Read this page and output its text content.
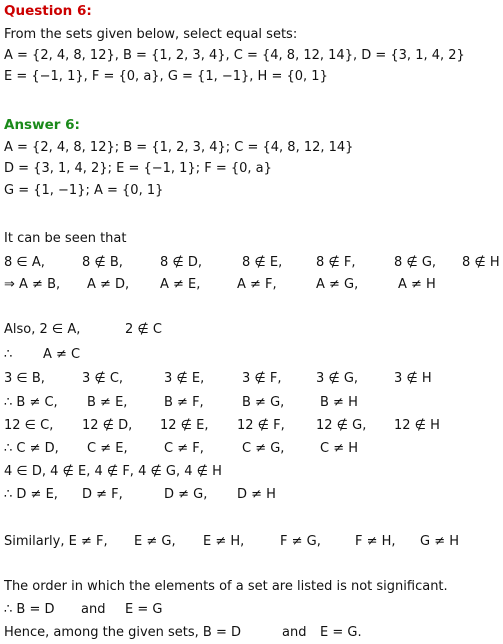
Question 6:
From the sets given below, select equal sets:
A = {2, 4, 8, 12}, B = {1, 2, 3, 4}, C = {4, 8, 12, 14}, D = {3, 1, 4, 2}
E = {−1, 1}, F = {0, a}, G = {1, −1}, H = {0, 1}
Answer 6:
A = {2, 4, 8, 12}; B = {1, 2, 3, 4}; C = {4, 8, 12, 14}
D = {3, 1, 4, 2}; E = {−1, 1}; F = {0, a}
G = {1, −1}; A = {0, 1}
It can be seen that
8 ∈ A,	8 ∉ B,	8 ∉ D,	8 ∉ E,	8 ∉ F,	8 ∉ G, 8 ∉ H
⇒ A ≠ B, A ≠ D, A ≠ E,	A ≠ F,	A ≠ G,	A ≠ H
Also, 2 ∈ A,	2 ∉ C
∴ A ≠ C
3 ∈ B,	3 ∉ C,	3 ∉ E,	3 ∉ F,	3 ∉ G,	3 ∉ H
∴ B ≠ C, B ≠ E,	B ≠ F,	B ≠ G,	B ≠ H
12 ∈ C, 12 ∉ D, 12 ∉ E, 12 ∉ F, 12 ∉ G, 12 ∉ H
∴ C ≠ D, C ≠ E,	C ≠ F,	C ≠ G,	C ≠ H
4 ∈ D, 4 ∉ E, 4 ∉ F, 4 ∉ G, 4 ∉ H
∴ D ≠ E, D ≠ F,	D ≠ G, D ≠ H
Similarly, E ≠ F, E ≠ G, E ≠ H,	F ≠ G,	F ≠ H, G ≠ H
The order in which the elements of a set are listed is not significant.
∴ B = D and E = G
Hence, among the given sets, B = D	and E = G.
